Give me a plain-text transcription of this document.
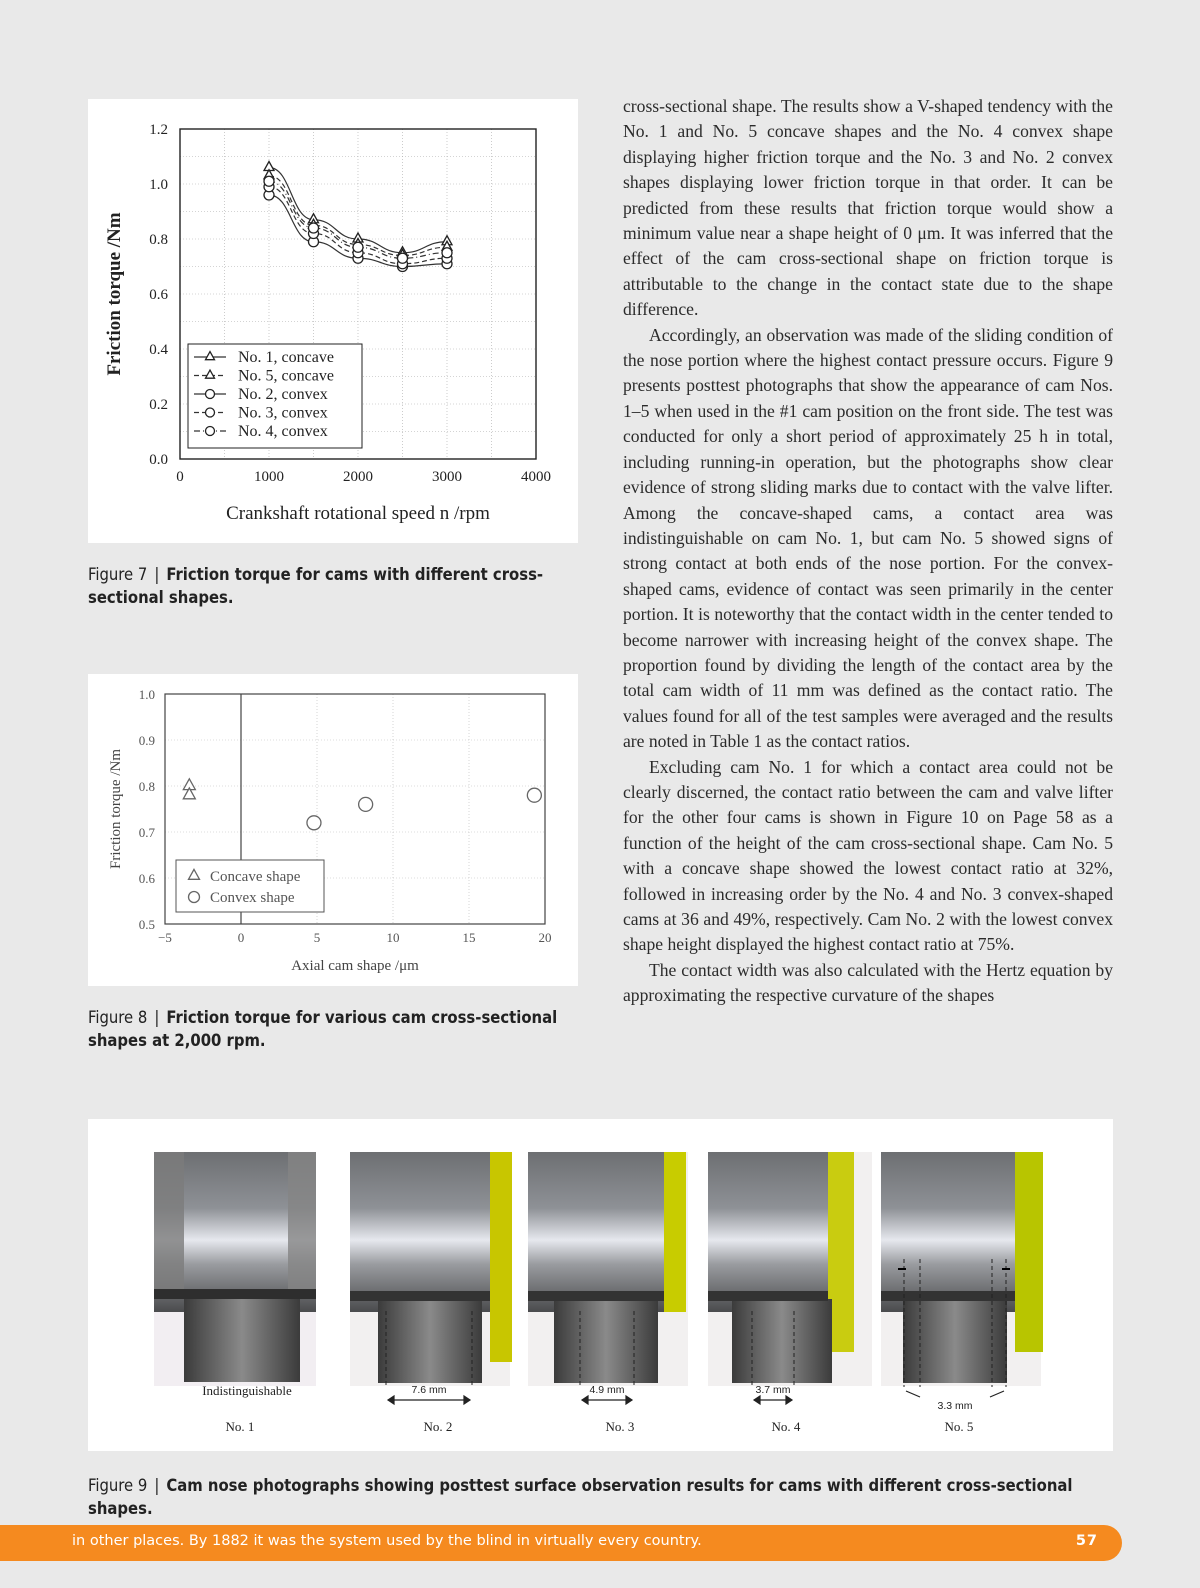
0	1000	2000	3000	4000
0.0
0.2
0.4
0.6
0.8
1.0
1.2
No. 1, concave
No. 5, concave
No. 2, convex
No. 3, convex
No. 4, convex
Crankshaft rotational speed n /rpm
Friction torque /Nm
Figure 7 | Friction torque for cams with different cross-sectional shapes.
−5	0	5	10	15	20
0.5
0.6
0.7
0.8
0.9
1.0
Concave shape
Convex shape
Axial cam shape /μm
Friction torque /Nm
Figure 8 | Friction torque for various cam cross-sectional shapes at 2,000 rpm.

cross-sectional shape. The results show a V-shaped tendency with the No. 1 and No. 5 concave shapes and the No. 4 convex shape displaying higher friction torque and the No. 3 and No. 2 convex shapes displaying lower friction torque in that order. It can be predicted from these results that friction torque would show a minimum value near a shape height of 0 μm. It was inferred that the effect of the cam cross-sectional shape on friction torque is attributable to the change in the contact state due to the shape difference.

Accordingly, an observation was made of the sliding condition of the nose portion where the highest contact pressure occurs. Figure 9 presents posttest photographs that show the appearance of cam Nos. 1–5 when used in the #1 cam position on the front side. The test was conducted for only a short period of approximately 25 h in total, including running-in operation, but the photographs show clear evidence of strong sliding marks due to contact with the valve lifter. Among the concave-shaped cams, a contact area was indistinguishable on cam No. 1, but cam No. 5 showed signs of strong contact at both ends of the nose portion. For the convex-shaped cams, evidence of contact was seen primarily in the center portion. It is noteworthy that the contact width in the center tended to become narrower with increasing height of the convex shape. The proportion found by dividing the length of the contact area by the total cam width of 11 mm was defined as the contact ratio. The values found for all of the test samples were averaged and the results are noted in Table 1 as the contact ratios.

Excluding cam No. 1 for which a contact area could not be clearly discerned, the contact ratio between the cam and valve lifter for the other four cams is shown in Figure 10 on Page 58 as a function of the height of the cam cross-sectional shape. Cam No. 5 with a concave shape showed the lowest contact ratio at 32%, followed in increasing order by the No. 4 and No. 3 convex-shaped cams at 36 and 49%, respectively. Cam No. 2 with the lowest convex shape height displayed the highest contact ratio at 75%.

The contact width was also calculated with the Hertz equation by approximating the respective curvature of the shapes

Indistinguishable	7.6 mm	4.9 mm	3.7 mm
3.3 mm
No. 1	No. 2	No. 3	No. 4	No. 5
Figure 9 | Cam nose photographs showing posttest surface observation results for cams with different cross-sectional shapes.
in other places. By 1882 it was the system used by the blind in virtually every country.	57
